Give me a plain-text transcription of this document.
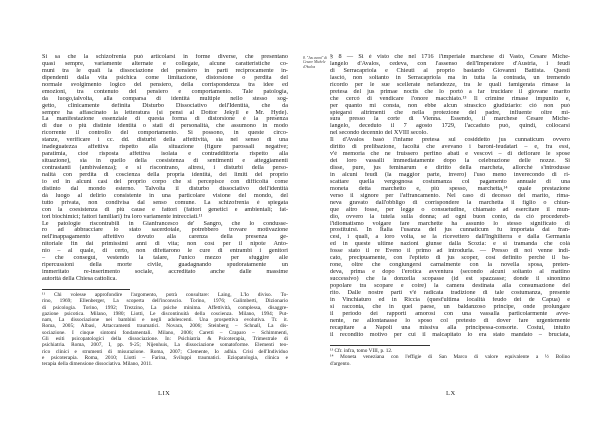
Si sa che la schizofrenia può articolarsi in forme diverse, che presentano
quasi sempre, variamente alternate e collegate, alcune caratteristiche co-
muni tra le quali la dissociazione del pensiero in parti reciprocamente in-
dipendenti dalla vita psichica come limitazione, distorsione o perdita del
normale svolgimento logico del pensiero, della corrispondenza tra idee ed
emozioni, tra contenuto del pensiero e comportamento. Tale patologia,
da luogo,talvolta, alla comparsa di identità multiple nello stesso sog-
getto, clinicamente definita Disturbo Dissociativo dell'Identità, che da
sempre ha affascinato la letteratura (si pensi al Dottor Jekyll e Mr. Hyde).
La manifestazione essenziale di questa forma di distorsione è la presenza
di due o più distinte identità o stati di personalità, che assumono in modo
ricorrente il controllo del comportamento. Si possono, in queste circo-
stanze, verificare i cc. dd. disturbi della affettività, sia nel senso di una
inadeguatezza affettiva rispetto alla situazione (figure parossali negative;
paratimia, cioè risposta affettiva isolata e contraddittoria rispetto alla
situazione), sia in quello della coesistenza di sentimenti e atteggiamenti
contrastanti (ambivalenza); e si riscontrano, altresì, i disturbi della perso-
nalità con perdita di coscienza della propria identità, dei limiti del proprio
io ed in alcuni casi del proprio corpo che si percepisce con difficoltà come
distinto dal mondo esterno. Talvolta il disturbo dissociativo dell'identità
dà luogo al delirio consistente in una particolare visione del mondo, del
tutto privata, non condivisa dal senso comune. La schizofrenia è spiegata
con la coesistenza di più cause e fattori (fattori genetici e ambientali; fat-
tori biochimici; fattori familiari) fra loro variamente intrecciati.¹¹
Le patologie riscontrabili in Gianfrancesco de' Sangro, che lo condusse-
ro ad abbracciare lo stato sacerdotale, potrebbero trovare motivazione
nell'inappagamento affettivo dovuto alla carenza della presenza ge-
nitoriale fin dai primissimi anni di vita; non così per il nipote Anto-
nio – al quale, di certo, non difettarono le cure di entrambi i genitori
– che conseguì, vestendo la talare, l'unico mezzo per sfuggire alle
ripercussioni della morte civile, guadagnando spudoratamente un
immeritato re-inserimento sociale, accreditato anche dalle massime
autorità della Chiesa cattolica.
¹¹ Chi volesse approfondire l'argomento, potrà consultare: Laing, L'Io diviso. To-
rino, 1969; Ellenberger, La scoperta dell'inconscio. Torino, 1976; Galimberti, Dizionario
di psicologia. Torino, 1992; Trezzino, La psiche minima. Affettività, complessa, disaggre-
gazione psicotica. Milano, 1980; Liotti, Le discontinuità della coscienza. Milano, 1994; Put-
nam, La dissociazione nei bambini e negli adolescenti. Una prospettiva evolutiva. Tr. it.
Roma, 2005; Albasi, Attaccamenti traumatici. Novara, 2006; Steinberg – Schnall, La dis-
sociazione. I cinque sintomi fondamentali. Milano, 2006; Caretti – Craparo – Schimmenti,
Gli esiti psicopatologici della dissociazione. In: Psichiatria & Psicoterapia, Trimestrale di
psichiatria. Roma, 2007, I, pp. 9-25; Nijenhuis, La dissociazione somatoforme. Elementi teo-
rico clinici e strumenti di misurazione. Roma, 2007; Clemente, Io adhia. Crisi dell'Individuo
e psicoterapia. Roma, 2010; Liotti – Farina, Sviluppi traumatici. Eziopatologia, clinica e
terapia della dimensione dissociativa. Milano, 2011.
LIX
8. "Jus cunni" di Cesare Michele d'Avalos
§ 8 — Si è visto che nel 1716 l'imperiale marchese di Vasto, Cesare Miche-
langelo d'Avalos, cedeva, con l'assenso dell'Imperatore d'Austria, i feudi
di Serracapriola e Chieuti al proprio bastardo Giovanni Battista. Questi
lasciò, non soltanto in Serracapriola ma in tutta la contrada, un tremendo
ricordo per le sue scellerate nefandezze, tra le quali famigerata rimase la
pretesa del jus primae noctis che lo portò a far trucidare il giovane marito
che cercò di vendicare l'onore macchiato.¹³ Il crimine rimase impunito e,
per quanto mi consta, non ebbe alcun strascico giudiziario: ciò non può
spiegarsi altrimenti che nella protezione del padre, influente oltre mi-
sura presso la corte di Vienna. Essendo, il marchese Cesare Miche-
langelo, deceduto il 7 agosto 1729, l'accaduto può, quindi, collocarsi
nel secondo decennio del XVIII secolo.
Il d'Avalos basò l'infame pretesa sul cosiddetto jus cunnaticum ovvero
diritto di prelibazione, facoltà che avevano i baroni-feudatari – e, fra essi,
v'è memoria che ne fruissero perfino abati e vescovi – di deflorare le spose
dei loro vassalli immediatamente dopo la celebrazione delle nozze. Si
disse, pure, jus feminarum e diritto della marcheta, allorché s'introdusse
in alcuni feudi (la maggior parte, invero) l'uso meno inverecondo di ri-
scattare quella vergognosa costumanza col pagamento annuale di una
moneta detta marchetto e, più spesso, marchetta,¹⁴ quale prestazione
verso il signore per l'affrancamento. Nel caso di decesso del marito, rima-
neva gravato dall'obbligo di corrispondere la marchetta il figlio o chiun-
que altro fosse, per legge o consuetudine, chiamato ad esercitare il mun-
dio, ovvero la tutela sulla donna; ad ogni buon conto, da ciò procedereb-
l'idiomatismo volgare fare marchette ha assunto lo stesso significato di
prostituirsi. In Italia l'usanza del jus cunnaticum fu importata dai fran-
cesi, i quali, a loro volta, se la ricevettero dall'Inghilterra e dalla Germania
ed in queste ultime nazioni giunse dalla Scozia: e si tramanda che colà
fosse stato il re Eveno il primo ad introdurla. — Presso di noi venne indi-
cato, precipuamente, con l'epiteto di jus scoper, così definito perché il ba-
rone, oltre che congiungersi carnalmente con la novella sposa, preten-
deva, prima e dopo l'erotica avventura (secondo alcuni soltanto al mattino
successivo) che la donzella scopasse (id est spazzasse; donde il sinonimo
popolare tra scopare e coire) la camera destinata alla consumazione del
rito. Dalle nostre parti v'è radicata tradizione di tale costumanza, presente
in Vinchiaturo ed in Riccia (quest'ultima località feudo dei de Capua) e
si racconta, che in quel paese, un baldanzoso principe, onde prolungare
il periodo dei rapporti amorosi con una vassalla particolarmente avve-
nente, ne allontanasse lo sposo col pretesto di dover fare urgentemente
recapitare a Napoli una missiva alla principessa-consorte. Costui, intuito
il recondito motivo per cui il malcapitato lo era stato mandato – bruciata,
¹³ Cfr. infra, tomo VIII, p. 12.
¹⁴ Moneta veneziana con l'effigie di San Marco di valore equivalente a ½ Bolino
d'argento.
LX
